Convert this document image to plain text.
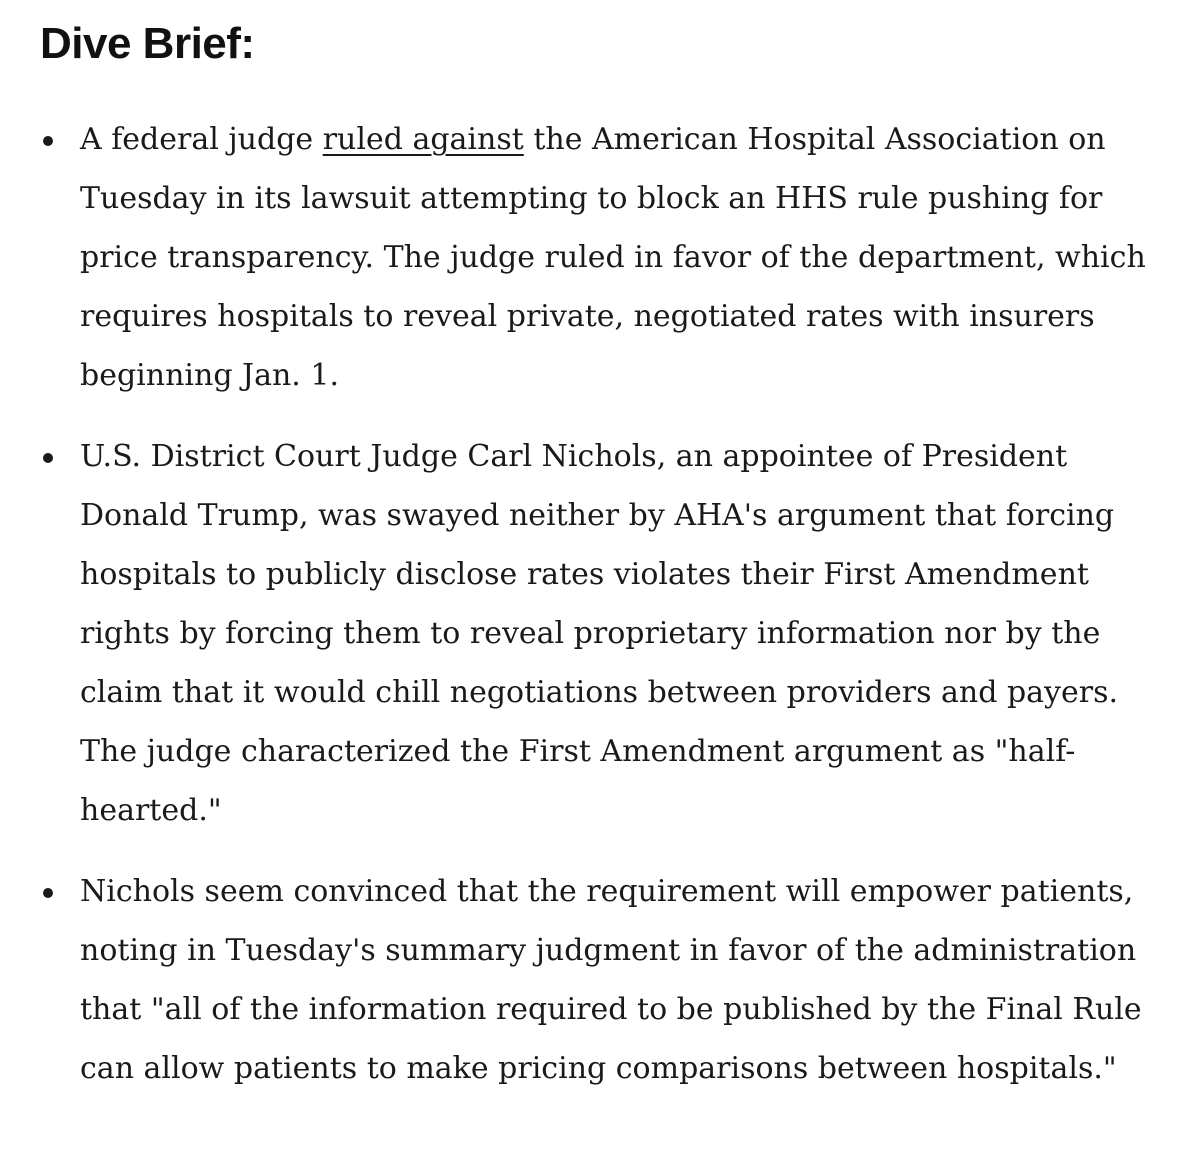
Dive Brief:
A federal judge ruled against the American Hospital Association on Tuesday in its lawsuit attempting to block an HHS rule pushing for price transparency. The judge ruled in favor of the department, which requires hospitals to reveal private, negotiated rates with insurers beginning Jan. 1.
U.S. District Court Judge Carl Nichols, an appointee of President Donald Trump, was swayed neither by AHA's argument that forcing hospitals to publicly disclose rates violates their First Amendment rights by forcing them to reveal proprietary information nor by the claim that it would chill negotiations between providers and payers. The judge characterized the First Amendment argument as "half-hearted."
Nichols seem convinced that the requirement will empower patients, noting in Tuesday's summary judgment in favor of the administration that "all of the information required to be published by the Final Rule can allow patients to make pricing comparisons between hospitals."
